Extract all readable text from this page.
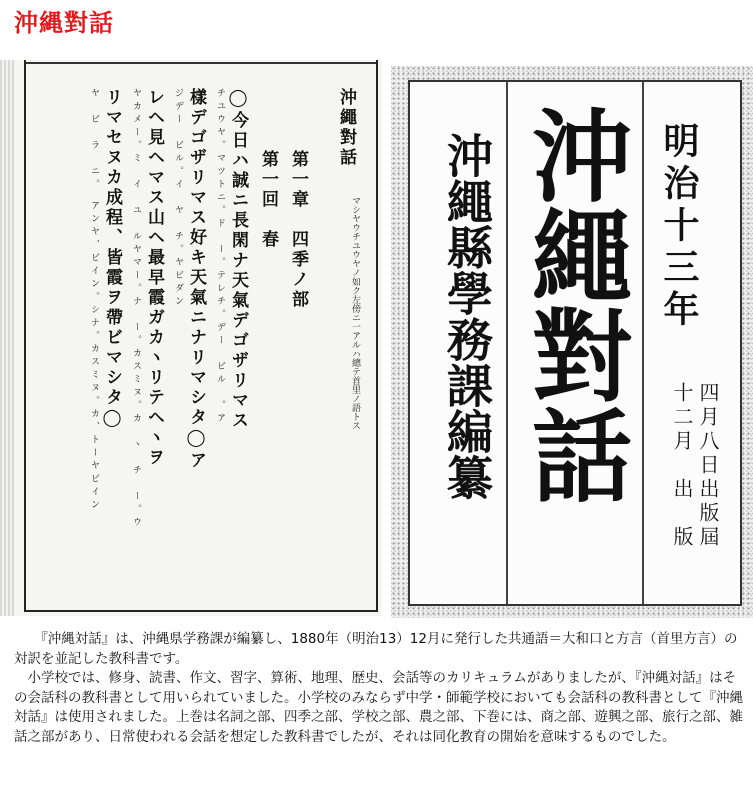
沖縄對話
沖繩對話
第一章　四季ノ部
第一回　春
◯今日ハ誠ニ長閑ナ天氣デゴザリマス
チユウヤ。マツトニ。ド　ー。テレチ。デー　ビル　。ア
樣デゴザリマス好キ天氣ニナリマシタ◯ア
ジデー　ビル。イ　ヤ　チ。ヤビダン
レヘ見ヘマス山ヘ最早霞ガカヽリテヘヽヲ
ヤカメー。ミ　イ　ユ　ルヤマー。ナ　ー。カスミヌ。カ　ヽ　チ　ー。ウ
リマセヌカ成程、皆霞ヲ帶ビマシタ◯
ヤ　ビ　ラ　ニ。　アンヤ、ビイン。シナ。カスミヌ。カ、トーヤビイン	マシヤウチユウヤノ如ク左傍ニ一アルハ總テ首里ノ語トス	明治十三年
四月八日出版屆
十二月　出　版
沖繩對話
沖繩縣學務課編纂

『沖縄対話』は、沖縄県学務課が編纂し、1880年（明治13）12月に発行した共通語＝大和口と方言（首里方言）の対訳を並記した教科書です。

小学校では、修身、読書、作文、習字、算術、地理、歴史、会話等のカリキュラムがありましたが、『沖縄対話』はその会話科の教科書として用いられていました。小学校のみならず中学・師範学校においても会話科の教科書として『沖縄対話』は使用されました。上巻は名詞之部、四季之部、学校之部、農之部、下巻には、商之部、遊興之部、旅行之部、雑話之部があり、日常使われる会話を想定した教科書でしたが、それは同化教育の開始を意味するものでした。
